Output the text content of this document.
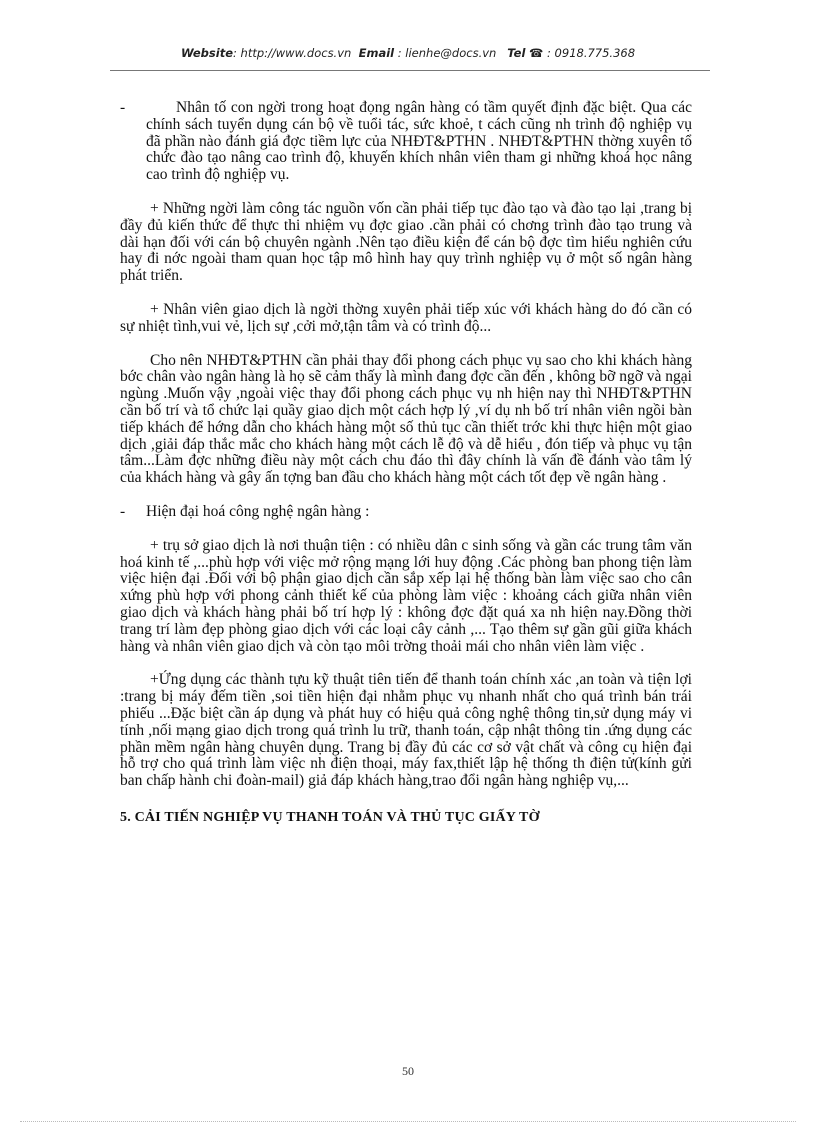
Website: http://www.docs.vn Email : lienhe@docs.vn Tel ☎ : 0918.775.368
-	Nhân tố con ngời trong hoạt đọng ngân hàng có tầm quyết định đặc biệt. Qua các chính sách tuyển dụng cán bộ về tuổi tác, sức khoẻ, t cách cũng nh trình độ nghiệp vụ đã phần nào đánh giá đợc tiềm lực của NHĐT&PTHN . NHĐT&PTHN thờng xuyên tổ chức đào tạo nâng cao trình độ, khuyến khích nhân viên tham gi những khoá học nâng cao trình độ nghiệp vụ.

+ Những ngời làm công tác nguồn vốn cần phải tiếp tục đào tạo và đào tạo lại ,trang bị đầy đủ kiến thức để thực thi nhiệm vụ đợc giao .cần phải có chơng trình đào tạo trung và dài hạn đối với cán bộ chuyên ngành .Nên tạo điều kiện để cán bộ đợc tìm hiểu nghiên cứu hay đi nớc ngoài tham quan học tập mô hình hay quy trình nghiệp vụ ở một số ngân hàng phát triển.

+ Nhân viên giao dịch là ngời thờng xuyên phải tiếp xúc với khách hàng do đó cần có sự nhiệt tình,vui vẻ, lịch sự ,cởi mở,tận tâm và có trình độ...

Cho nên NHĐT&PTHN cần phải thay đổi phong cách phục vụ sao cho khi khách hàng bớc chân vào ngân hàng là họ sẽ cảm thấy là mình đang đợc cần đến , không bỡ ngỡ và ngại ngùng .Muốn vậy ,ngoài việc thay đổi phong cách phục vụ nh hiện nay thì NHĐT&PTHN cần bố trí và tổ chức lại quầy giao dịch một cách hợp lý ,ví dụ nh bố trí nhân viên ngồi bàn tiếp khách để hớng dẫn cho khách hàng một số thủ tục cần thiết trớc khi thực hiện một giao dịch ,giải đáp thắc mắc cho khách hàng một cách lễ độ và dễ hiểu , đón tiếp và phục vụ tận tâm...Làm đợc những điều này một cách chu đáo thì đây chính là vấn đề đánh vào tâm lý của khách hàng và gây ấn tợng ban đầu cho khách hàng một cách tốt đẹp về ngân hàng .

-	Hiện đại hoá công nghệ ngân hàng :

+ trụ sở giao dịch là nơi thuận tiện : có nhiều dân c sinh sống và gần các trung tâm văn hoá kinh tế ,...phù hợp với việc mở rộng mạng lới huy động .Các phòng ban phong tiện làm việc hiện đại .Đối với bộ phận giao dịch cần sắp xếp lại hệ thống bàn làm việc sao cho cân xứng phù hợp với phong cảnh thiết kế của phòng làm việc : khoảng cách giữa nhân viên giao dịch và khách hàng phải bố trí hợp lý : không đợc đặt quá xa nh hiện nay.Đồng thời trang trí làm đẹp phòng giao dịch với các loại cây cảnh ,... Tạo thêm sự gần gũi giữa khách hàng và nhân viên giao dịch và còn tạo môi trờng thoải mái cho nhân viên làm việc .

+Ứng dụng các thành tựu kỹ thuật tiên tiến để thanh toán chính xác ,an toàn và tiện lợi :trang bị máy đếm tiền ,soi tiền hiện đại nhằm phục vụ nhanh nhất cho quá trình bán trái phiếu ...Đặc biệt cần áp dụng và phát huy có hiệu quả công nghệ thông tin,sử dụng máy vi tính ,nối mạng giao dịch trong quá trình lu trữ, thanh toán, cập nhật thông tin .ứng dụng các phần mềm ngân hàng chuyên dụng. Trang bị đầy đủ các cơ sở vật chất và công cụ hiện đại hỗ trợ cho quá trình làm việc nh điện thoại, máy fax,thiết lập hệ thống th điện tử(kính gửi ban chấp hành chi đoàn-mail) giả đáp khách hàng,trao đổi ngân hàng nghiệp vụ,...

5. CẢI TIẾN NGHIỆP VỤ THANH TOÁN VÀ THỦ TỤC GIẤY TỜ
50
